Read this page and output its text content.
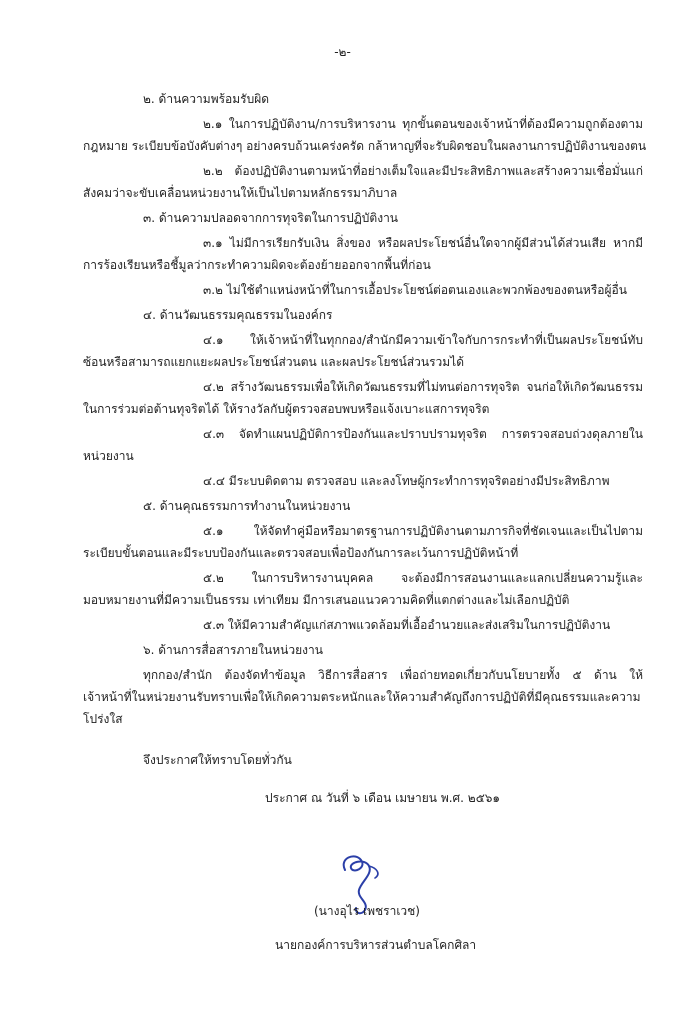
-๒-
๒. ด้านความพร้อมรับผิด
๒.๑ ในการปฏิบัติงาน/การบริหารงาน ทุกขั้นตอนของเจ้าหน้าที่ต้องมีความถูกต้องตาม
กฎหมาย ระเบียบข้อบังคับต่างๆ อย่างครบถ้วนเคร่งครัด กล้าหาญที่จะรับผิดชอบในผลงานการปฏิบัติงานของตน
๒.๒ ต้องปฏิบัติงานตามหน้าที่อย่างเต็มใจและมีประสิทธิภาพและสร้างความเชื่อมั่นแก่
สังคมว่าจะขับเคลื่อนหน่วยงานให้เป็นไปตามหลักธรรมาภิบาล
๓. ด้านความปลอดจากการทุจริตในการปฏิบัติงาน
๓.๑ ไม่มีการเรียกรับเงิน สิ่งของ หรือผลประโยชน์อื่นใดจากผู้มีส่วนได้ส่วนเสีย หากมี
การร้องเรียนหรือชี้มูลว่ากระทำความผิดจะต้องย้ายออกจากพื้นที่ก่อน
๓.๒ ไม่ใช้ตำแหน่งหน้าที่ในการเอื้อประโยชน์ต่อตนเองและพวกพ้องของตนหรือผู้อื่น
๔. ด้านวัฒนธรรมคุณธรรมในองค์กร
๔.๑ ให้เจ้าหน้าที่ในทุกกอง/สำนักมีความเข้าใจกับการกระทำที่เป็นผลประโยชน์ทับ
ซ้อนหรือสามารถแยกแยะผลประโยชน์ส่วนตน และผลประโยชน์ส่วนรวมได้
๔.๒ สร้างวัฒนธรรมเพื่อให้เกิดวัฒนธรรมที่ไม่ทนต่อการทุจริต จนก่อให้เกิดวัฒนธรรม
ในการร่วมต่อต้านทุจริตได้ ให้รางวัลกับผู้ตรวจสอบพบหรือแจ้งเบาะแสการทุจริต
๔.๓ จัดทำแผนปฏิบัติการป้องกันและปราบปรามทุจริต การตรวจสอบถ่วงดุลภายใน
หน่วยงาน
๔.๔ มีระบบติดตาม ตรวจสอบ และลงโทษผู้กระทำการทุจริตอย่างมีประสิทธิภาพ
๕. ด้านคุณธรรมการทำงานในหน่วยงาน
๕.๑ ให้จัดทำคู่มือหรือมาตรฐานการปฏิบัติงานตามภารกิจที่ชัดเจนและเป็นไปตาม
ระเบียบขั้นตอนและมีระบบป้องกันและตรวจสอบเพื่อป้องกันการละเว้นการปฏิบัติหน้าที่
๕.๒ ในการบริหารงานบุคคล จะต้องมีการสอนงานและแลกเปลี่ยนความรู้และ
มอบหมายงานที่มีความเป็นธรรม เท่าเทียม มีการเสนอแนวความคิดที่แตกต่างและไม่เลือกปฏิบัติ
๕.๓ ให้มีความสำคัญแก่สภาพแวดล้อมที่เอื้ออำนวยและส่งเสริมในการปฏิบัติงาน
๖. ด้านการสื่อสารภายในหน่วยงาน
ทุกกอง/สำนัก ต้องจัดทำข้อมูล วิธีการสื่อสาร เพื่อถ่ายทอดเกี่ยวกับนโยบายทั้ง ๕ ด้าน ให้
เจ้าหน้าที่ในหน่วยงานรับทราบเพื่อให้เกิดความตระหนักและให้ความสำคัญถึงการปฏิบัติที่มีคุณธรรมและความ
โปร่งใส
จึงประกาศให้ทราบโดยทั่วกัน
ประกาศ ณ วันที่ ๖ เดือน เมษายน พ.ศ. ๒๕๖๑
(นางอุไร เพชราเวช)
นายกองค์การบริหารส่วนตำบลโคกศิลา
